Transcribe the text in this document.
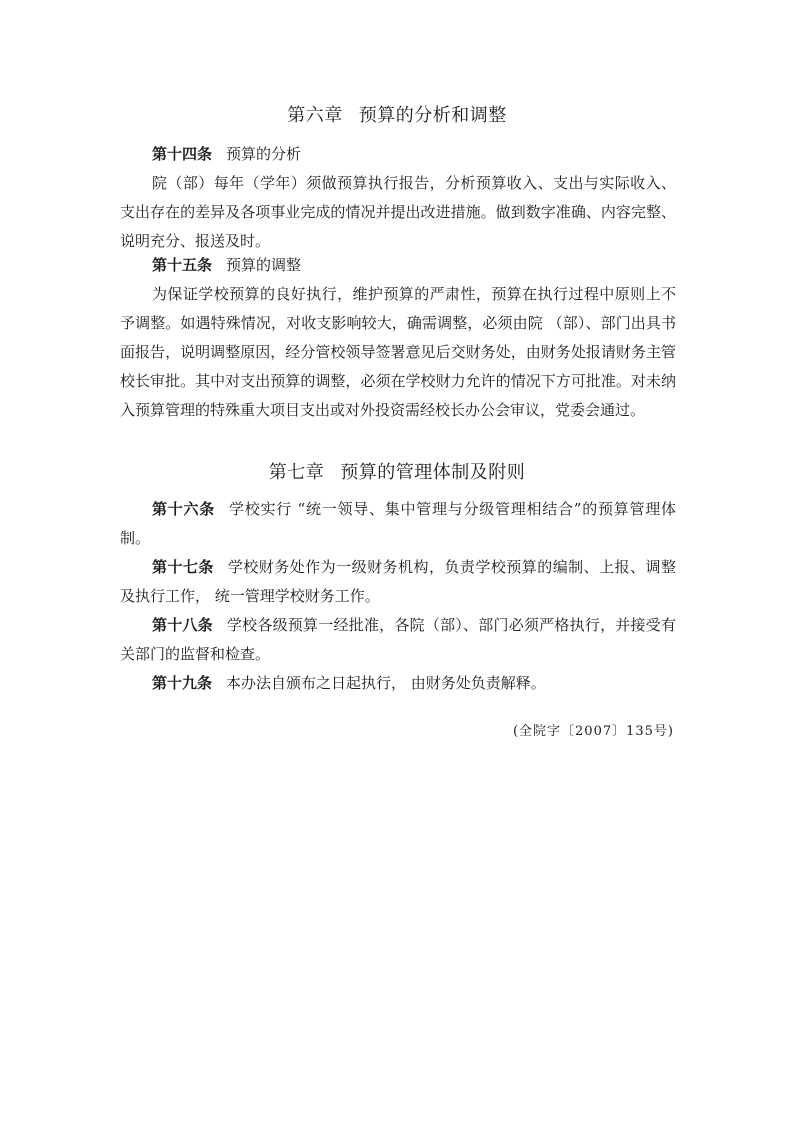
第六章 预算的分析和调整
第十四条 预算的分析
院（部）每年（学年）须做预算执行报告，分析预算收入、支出与实际收入、支出存在的差异及各项事业完成的情况并提出改进措施。做到数字准确、内容完整、说明充分、报送及时。
第十五条 预算的调整
为保证学校预算的良好执行，维护预算的严肃性，预算在执行过程中原则上不予调整。如遇特殊情况，对收支影响较大，确需调整，必须由院 （部）、部门出具书面报告，说明调整原因，经分管校领导签署意见后交财务处，由财务处报请财务主管校长审批。其中对支出预算的调整，必须在学校财力允许的情况下方可批准。对未纳入预算管理的特殊重大项目支出或对外投资需经校长办公会审议，党委会通过。
第七章 预算的管理体制及附则
第十六条 学校实行 “统一领导、集中管理与分级管理相结合”的预算管理体制。
第十七条 学校财务处作为一级财务机构，负责学校预算的编制、上报、调整及执行工作， 统一管理学校财务工作。
第十八条 学校各级预算一经批准，各院（部）、部门必须严格执行，并接受有关部门的监督和检查。
第十九条 本办法自颁布之日起执行， 由财务处负责解释。
(全院字〔2007〕135号)
